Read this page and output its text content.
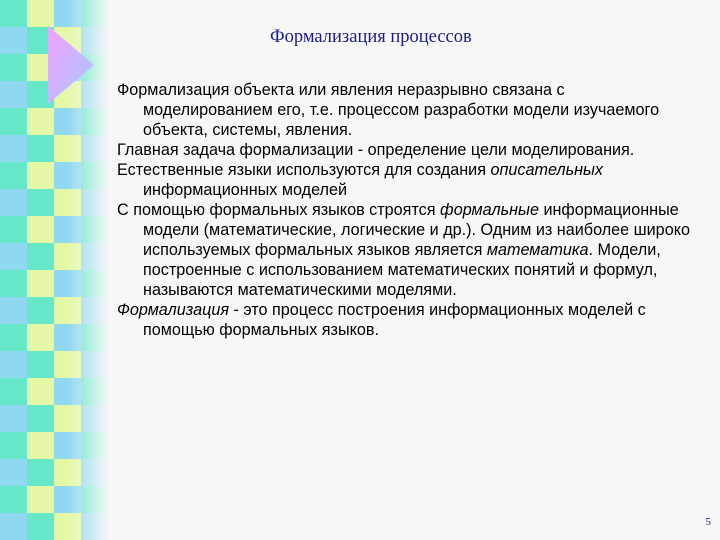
Формализация процессов

Формализация объекта или явления неразрывно связана с моделированием его, т.е. процессом разработки модели изучаемого объекта, системы, явления.

Главная задача формализации - определение цели моделирования.

Естественные языки используются для создания описательных информационных моделей

С помощью формальных языков строятся формальные информационные модели (математические, логические и др.). Одним из наиболее широко используемых формальных языков является математика. Модели, построенные с использованием математических понятий и формул, называются математическими моделями.

Формализация - это процесс построения информационных моделей с помощью формальных языков.

5
